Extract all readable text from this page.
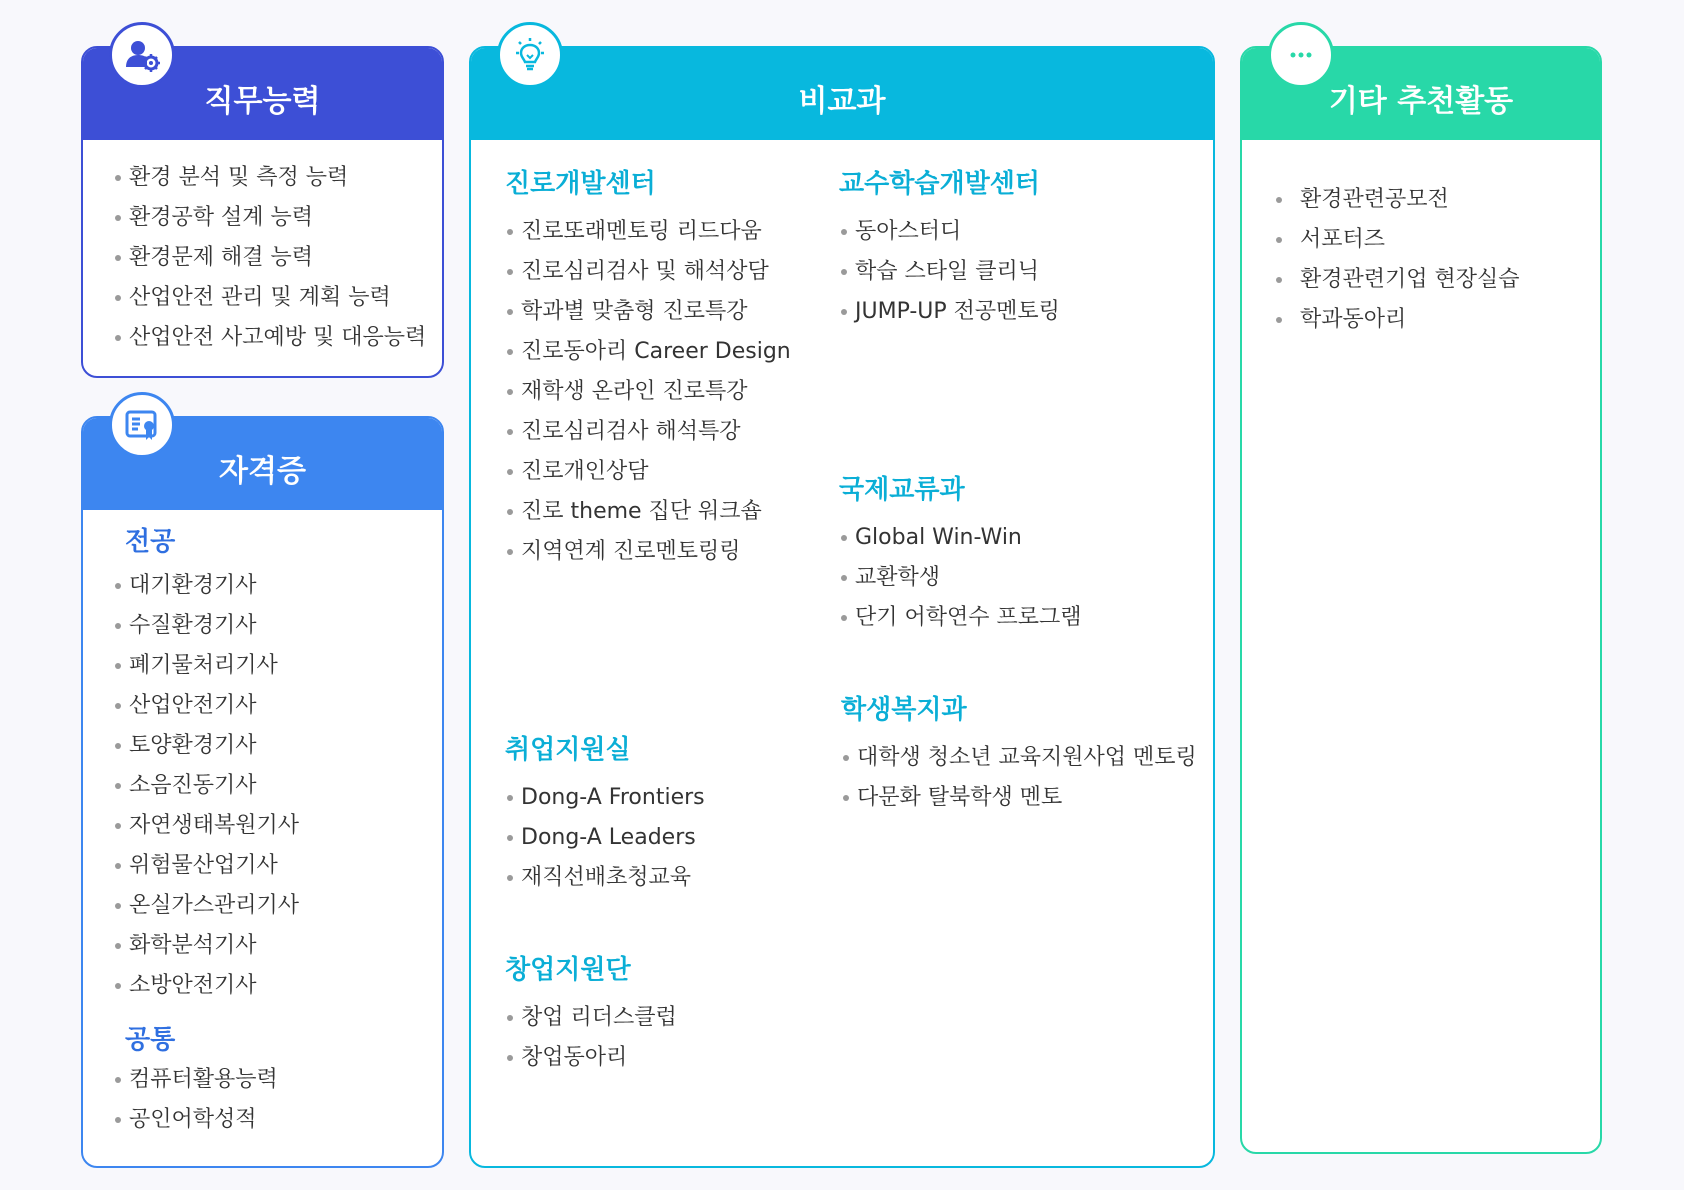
직무능력
환경 분석 및 측정 능력
환경공학 설계 능력
환경문제 해결 능력
산업안전 관리 및 계획 능력
산업안전 사고예방 및 대응능력
자격증
전공
대기환경기사
수질환경기사
폐기물처리기사
산업안전기사
토양환경기사
소음진동기사
자연생태복원기사
위험물산업기사
온실가스관리기사
화학분석기사
소방안전기사
공통
컴퓨터활용능력
공인어학성적
비교과
진로개발센터
진로또래멘토링 리드다움
진로심리검사 및 해석상담
학과별 맞춤형 진로특강
진로동아리 Career Design
재학생 온라인 진로특강
진로심리검사 해석특강
진로개인상담
진로 theme 집단 워크숍
지역연계 진로멘토링링
교수학습개발센터
동아스터디
학습 스타일 클리닉
JUMP-UP 전공멘토링
국제교류과
Global Win-Win
교환학생
단기 어학연수 프로그램
학생복지과
대학생 청소년 교육지원사업 멘토링
다문화 탈북학생 멘토
취업지원실
Dong-A Frontiers
Dong-A Leaders
재직선배초청교육
창업지원단
창업 리더스클럽
창업동아리
기타 추천활동
환경관련공모전
서포터즈
환경관련기업 현장실습
학과동아리
